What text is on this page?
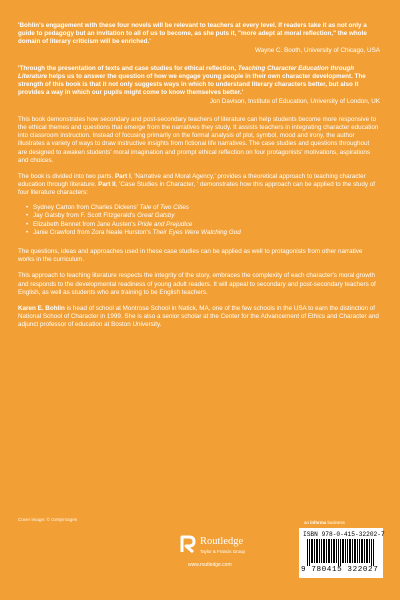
'Bohlin's engagement with these four novels will be relevant to teachers at every level. If readers take it as not only a guide to pedagogy but an invitation to all of us to become, as she puts it, "more adept at moral reflection," the whole domain of literary criticism will be enriched.'

Wayne C. Booth, University of Chicago, USA

'Through the presentation of texts and case studies for ethical reflection, Teaching Character Education through Literature helps us to answer the question of how we engage young people in their own character development. The strength of this book is that it not only suggests ways in which to understand literary characters better, but also it provides a way in which our pupils might come to know themselves better.'

Jon Davison, Institute of Education, University of London, UK

This book demonstrates how secondary and post-secondary teachers of literature can help students become more responsive to the ethical themes and questions that emerge from the narratives they study. It assists teachers in integrating character education into classroom instruction. Instead of focusing primarily on the formal analysis of plot, symbol, mood and irony, the author illustrates a variety of ways to draw instructive insights from fictional life narratives. The case studies and questions throughout are designed to awaken students' moral imagination and prompt ethical reflection on four protagonists' motivations, aspirations and choices.

The book is divided into two parts. Part I, 'Narrative and Moral Agency,' provides a theoretical approach to teaching character education through literature. Part II, 'Case Studies in Character, ' demonstrates how this approach can be applied to the study of four literature characters:

• Sydney Carton from Charles Dickens' Tale of Two Cities
• Jay Gatsby from F. Scott Fitzgerald's Great Gatsby
• Elizabeth Bennet from Jane Austen's Pride and Prejudice
• Janie Crawford from Zora Neale Hurston's Their Eyes Were Watching God

The questions, ideas and approaches used in these case studies can be applied as well to protagonists from other narrative works in the curriculum.

This approach to teaching literature respects the integrity of the story, embraces the complexity of each character's moral growth and responds to the developmental readiness of young adult readers. It will appeal to secondary and post-secondary teachers of English, as well as students who are training to be English teachers.

Karen E. Bohlin is head of school at Montrose School in Natick, MA, one of the few schools in the USA to earn the distinction of National School of Character in 1999. She is also a senior scholar at the Center for the Advancement of Ethics and Character and adjunct professor of education at Boston University.

Cover image: © Gettyimages
an informa business
Routledge
Taylor & Francis Group
www.routledge.com
ISBN 978-0-415-32202-7
9 780415 322027
